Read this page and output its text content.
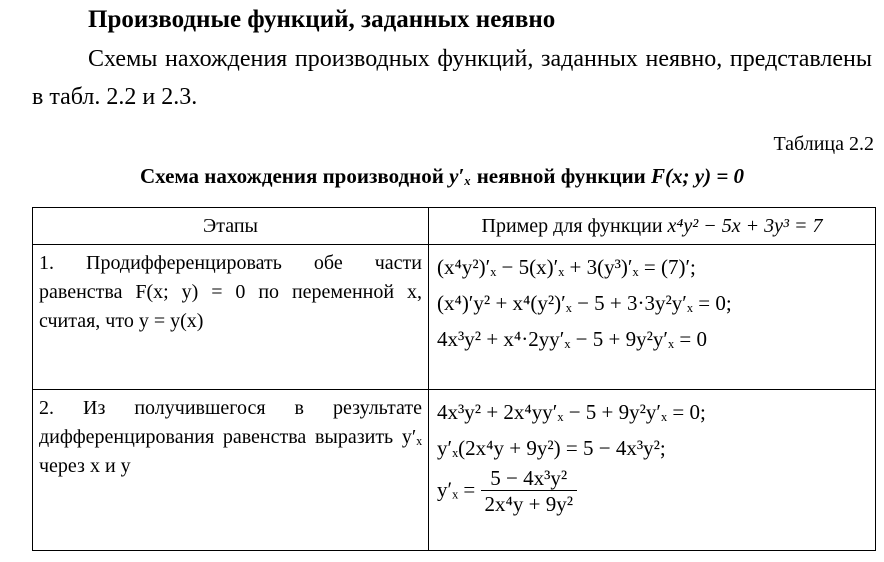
Производные функций, заданных неявно
Схемы нахождения производных функций, заданных неявно, представлены в табл. 2.2 и 2.3.
Таблица 2.2
Схема нахождения производной y′ₓ неявной функции F(x; y) = 0
Этапы	Пример для функции x⁴y² − 5x + 3y³ = 7
1. Продифференцировать обе части равенства F(x; y) = 0 по переменной x, считая, что y = y(x)	(x⁴y²)′ₓ − 5(x)′ₓ + 3(y³)′ₓ = (7)′;
(x⁴)′y² + x⁴(y²)′ₓ − 5 + 3·3y²y′ₓ = 0;
4x³y² + x⁴·2yy′ₓ − 5 + 9y²y′ₓ = 0

2. Из получившегося в результате дифференцирования равенства выразить y′ₓ через x и y	4x³y² + 2x⁴yy′ₓ − 5 + 9y²y′ₓ = 0;
y′ₓ(2x⁴y + 9y²) = 5 − 4x³y²;
$y'_x = \frac{\text{5 − 4x³y²}}{\text{2x⁴y + 9y²}}$
